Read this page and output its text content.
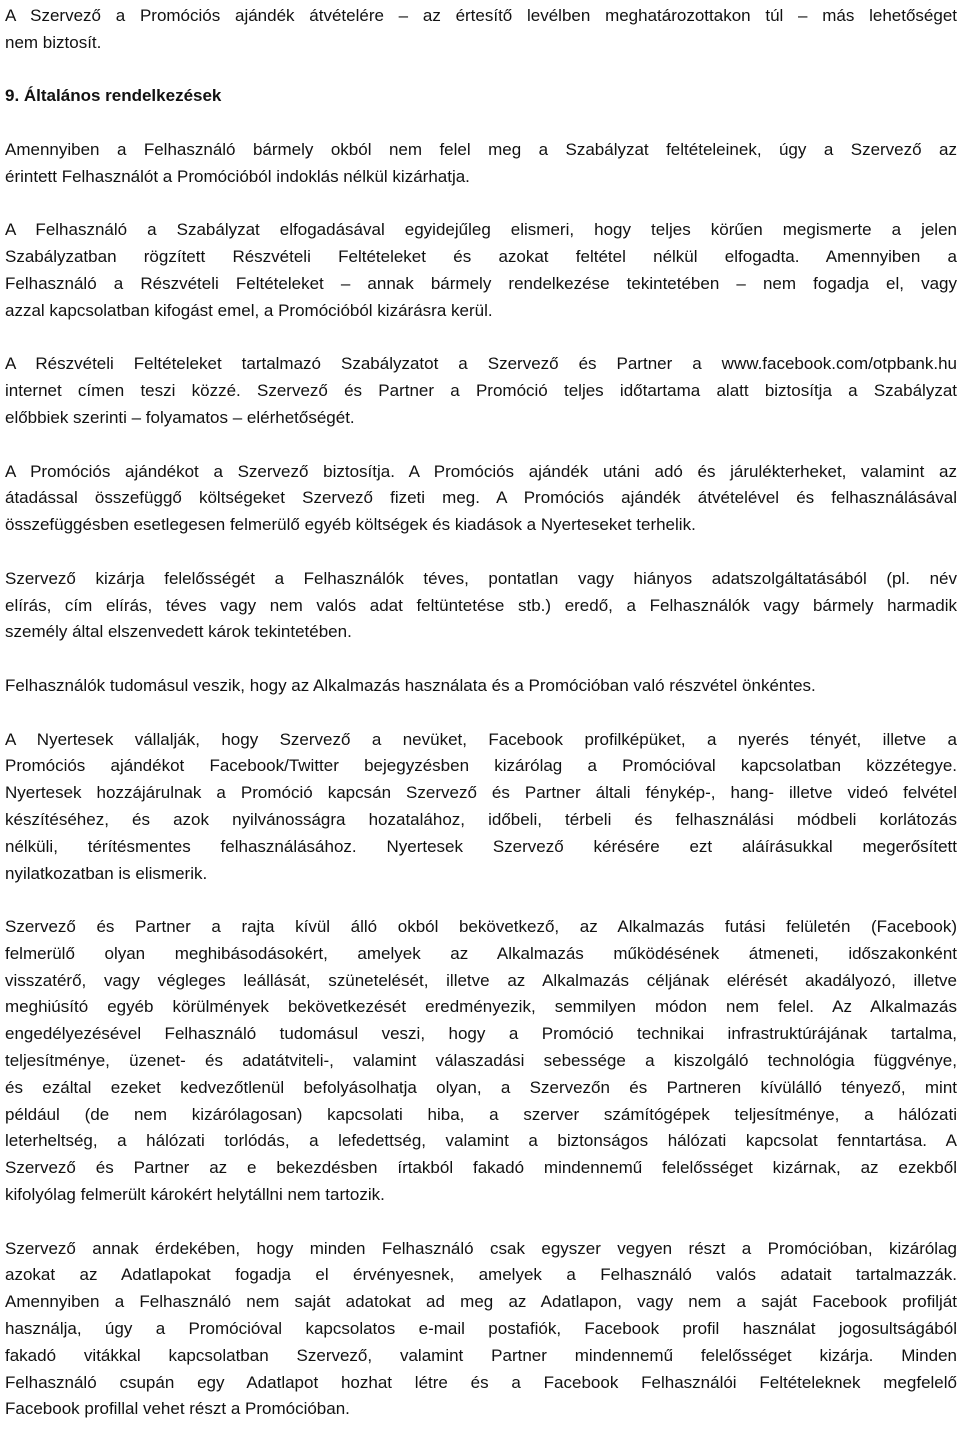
A Szervező a Promóciós ajándék átvételére – az értesítő levélben meghatározottakon túl – más lehetőséget
nem biztosít.
9. Általános rendelkezések
Amennyiben a Felhasználó bármely okból nem felel meg a Szabályzat feltételeinek, úgy a Szervező az
érintett Felhasználót a Promócióból indoklás nélkül kizárhatja.
A Felhasználó a Szabályzat elfogadásával egyidejűleg elismeri, hogy teljes körűen megismerte a jelen
Szabályzatban rögzített Részvételi Feltételeket és azokat feltétel nélkül elfogadta. Amennyiben a
Felhasználó a Részvételi Feltételeket – annak bármely rendelkezése tekintetében – nem fogadja el, vagy
azzal kapcsolatban kifogást emel, a Promócióból kizárásra kerül.
A Részvételi Feltételeket tartalmazó Szabályzatot a Szervező és Partner a www.facebook.com/otpbank.hu
internet címen teszi közzé. Szervező és Partner a Promóció teljes időtartama alatt biztosítja a Szabályzat
előbbiek szerinti – folyamatos – elérhetőségét.
A Promóciós ajándékot a Szervező biztosítja. A Promóciós ajándék utáni adó és járulékterheket, valamint az
átadással összefüggő költségeket Szervező fizeti meg. A Promóciós ajándék átvételével és felhasználásával
összefüggésben esetlegesen felmerülő egyéb költségek és kiadások a Nyerteseket terhelik.
Szervező kizárja felelősségét a Felhasználók téves, pontatlan vagy hiányos adatszolgáltatásából (pl. név
elírás, cím elírás, téves vagy nem valós adat feltüntetése stb.) eredő, a Felhasználók vagy bármely harmadik
személy által elszenvedett károk tekintetében.
Felhasználók tudomásul veszik, hogy az Alkalmazás használata és a Promócióban való részvétel önkéntes.
A Nyertesek vállalják, hogy Szervező a nevüket, Facebook profilképüket, a nyerés tényét, illetve a
Promóciós ajándékot Facebook/Twitter bejegyzésben kizárólag a Promócióval kapcsolatban közzétegye.
Nyertesek hozzájárulnak a Promóció kapcsán Szervező és Partner általi fénykép-, hang- illetve videó felvétel
készítéséhez, és azok nyilvánosságra hozatalához, időbeli, térbeli és felhasználási módbeli korlátozás
nélküli, térítésmentes felhasználásához. Nyertesek Szervező kérésére ezt aláírásukkal megerősített
nyilatkozatban is elismerik.
Szervező és Partner a rajta kívül álló okból bekövetkező, az Alkalmazás futási felületén (Facebook)
felmerülő olyan meghibásodásokért, amelyek az Alkalmazás működésének átmeneti, időszakonként
visszatérő, vagy végleges leállását, szünetelését, illetve az Alkalmazás céljának elérését akadályozó, illetve
meghiúsító egyéb körülmények bekövetkezését eredményezik, semmilyen módon nem felel. Az Alkalmazás
engedélyezésével Felhasználó tudomásul veszi, hogy a Promóció technikai infrastruktúrájának tartalma,
teljesítménye, üzenet- és adatátviteli-, valamint válaszadási sebessége a kiszolgáló technológia függvénye,
és ezáltal ezeket kedvezőtlenül befolyásolhatja olyan, a Szervezőn és Partneren kívülálló tényező, mint
például (de nem kizárólagosan) kapcsolati hiba, a szerver számítógépek teljesítménye, a hálózati
leterheltség, a hálózati torlódás, a lefedettség, valamint a biztonságos hálózati kapcsolat fenntartása. A
Szervező és Partner az e bekezdésben írtakból fakadó mindennemű felelősséget kizárnak, az ezekből
kifolyólag felmerült károkért helytállni nem tartozik.
Szervező annak érdekében, hogy minden Felhasználó csak egyszer vegyen részt a Promócióban, kizárólag
azokat az Adatlapokat fogadja el érvényesnek, amelyek a Felhasználó valós adatait tartalmazzák.
Amennyiben a Felhasználó nem saját adatokat ad meg az Adatlapon, vagy nem a saját Facebook profilját
használja, úgy a Promócióval kapcsolatos e-mail postafiók, Facebook profil használat jogosultságából
fakadó vitákkal kapcsolatban Szervező, valamint Partner mindennemű felelősséget kizárja. Minden
Felhasználó csupán egy Adatlapot hozhat létre és a Facebook Felhasználói Feltételeknek megfelelő
Facebook profillal vehet részt a Promócióban.
